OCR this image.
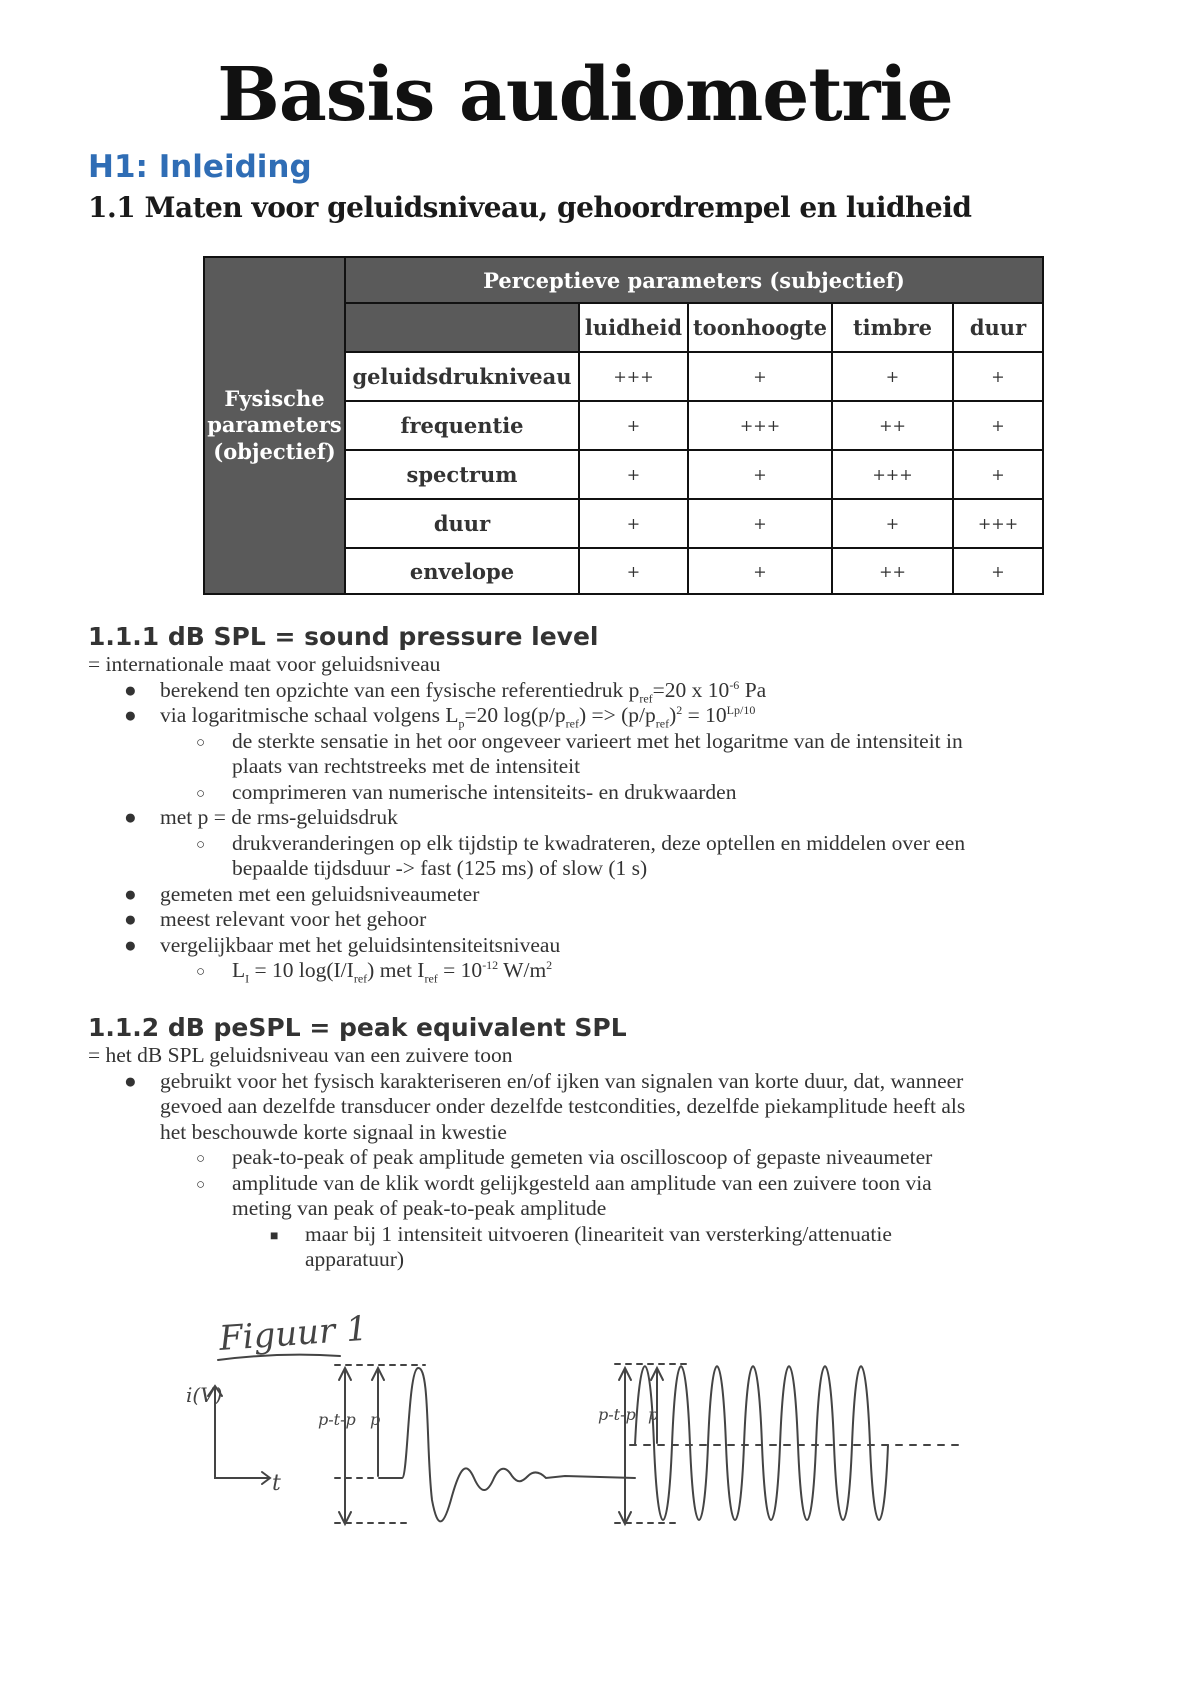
Basis audiometrie
H1: Inleiding
1.1 Maten voor geluidsniveau, gehoordrempel en luidheid
Fysische parameters (objectief)	Perceptieve parameters (subjectief)				
		luidheid	toonhoogte	timbre	duur
	geluidsdrukniveau	+++	+	+	+
	frequentie	+	+++	++	+
	spectrum	+	+	+++	+
	duur	+	+	+	+++
	envelope	+	+	++	+
1.1.1 dB SPL = sound pressure level

= internationale maat voor geluidsniveau

● berekend ten opzichte van een fysische referentiedruk $p_{ref}=20$ x $10^{-6}$ Pa
● via logaritmische schaal volgens $L_p=20$ $\log(p/p_{ref}) => (p/p_{ref})^2 = 10^{Lp/10}$
○ de sterkte sensatie in het oor ongeveer varieert met het logaritme van de intensiteit in
plaats van rechtstreeks met de intensiteit
○ comprimeren van numerische intensiteits- en drukwaarden
● met p = de rms-geluidsdruk
○ drukveranderingen op elk tijdstip te kwadrateren, deze optellen en middelen over een
bepaalde tijdsduur -> fast (125 ms) of slow (1 s)
● gemeten met een geluidsniveaumeter
● meest relevant voor het gehoor
● vergelijkbaar met het geluidsintensiteitsniveau
○ $L_I = 10$ $\log(I/I_{ref})$ met $I_{ref} = 10^{-12}$ $W/m^2$
1.1.2 dB peSPL = peak equivalent SPL

= het dB SPL geluidsniveau van een zuivere toon

● gebruikt voor het fysisch karakteriseren en/of ijken van signalen van korte duur, dat, wanneer
gevoed aan dezelfde transducer onder dezelfde testcondities, dezelfde piekamplitude heeft als
het beschouwde korte signaal in kwestie
○ peak-to-peak of peak amplitude gemeten via oscilloscoop of gepaste niveaumeter
○ amplitude van de klik wordt gelijkgesteld aan amplitude van een zuivere toon via
meting van peak of peak-to-peak amplitude
■ maar bij 1 intensiteit uitvoeren (lineariteit van versterking/attenuatie
apparatuur)
Figuur 1
i(V)
t
p-t-p p	p-t-p p
